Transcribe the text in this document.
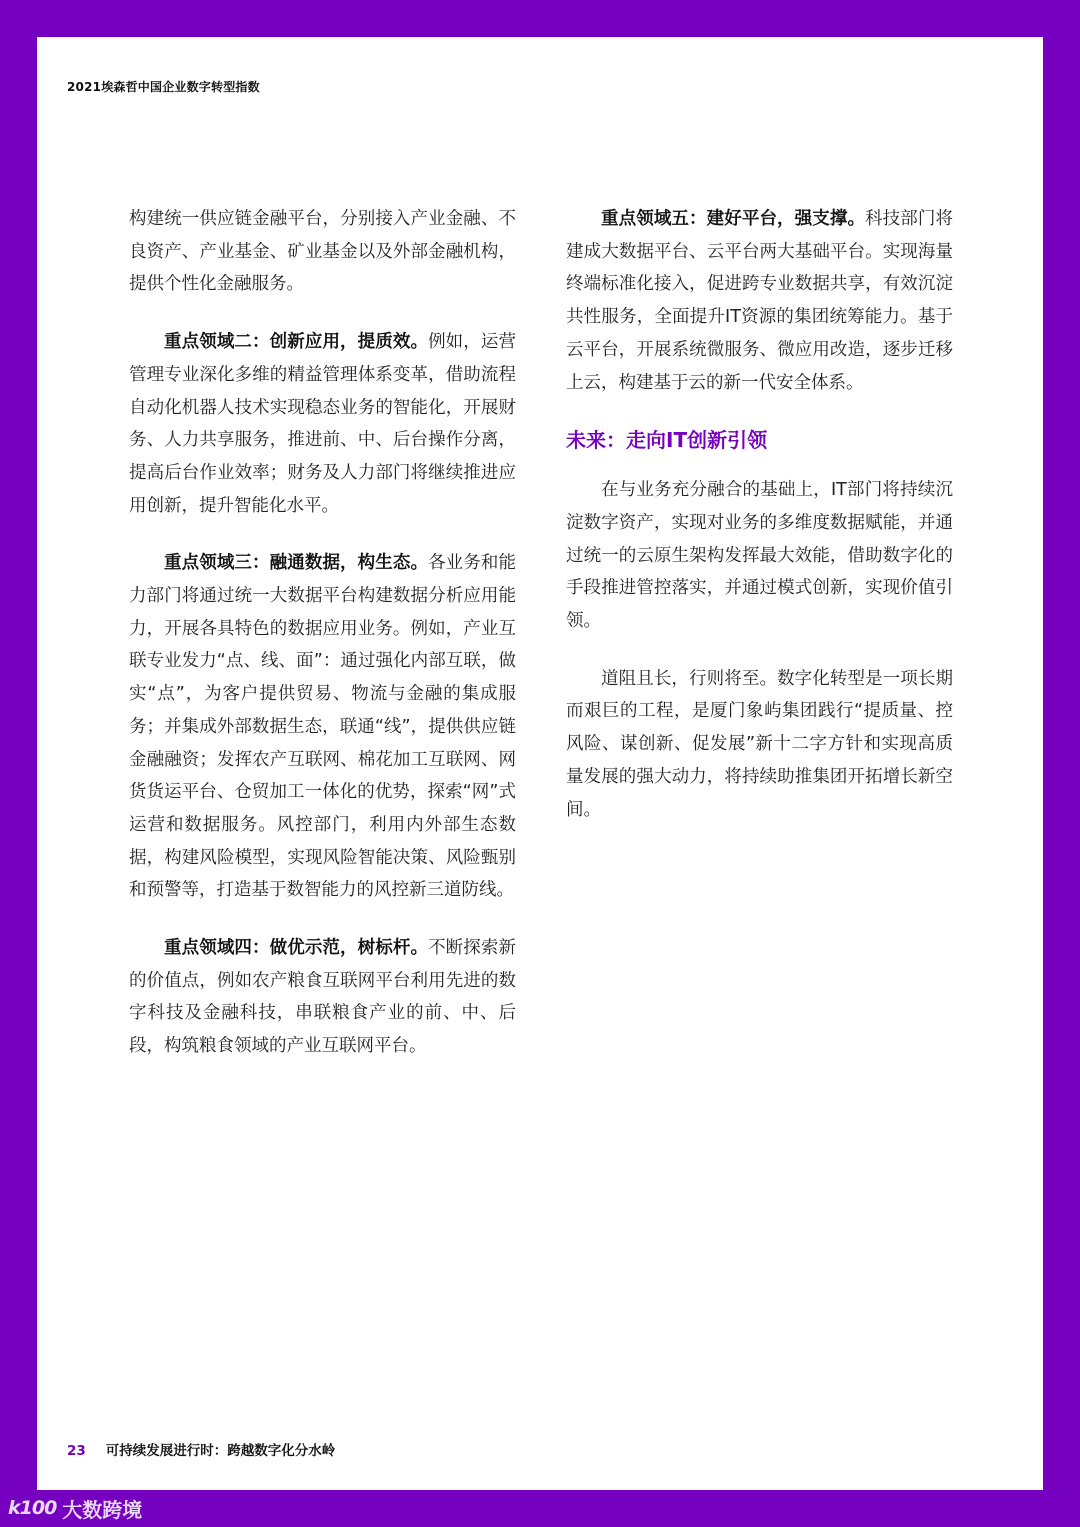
2021埃森哲中国企业数字转型指数

构建统一供应链金融平台，分别接入产业金融、不良资产、产业基金、矿业基金以及外部金融机构，提供个性化金融服务。

重点领域二：创新应用，提质效。例如，运营管理专业深化多维的精益管理体系变革，借助流程自动化机器人技术实现稳态业务的智能化，开展财务、人力共享服务，推进前、中、后台操作分离，提高后台作业效率；财务及人力部门将继续推进应用创新，提升智能化水平。

重点领域三：融通数据，构生态。各业务和能力部门将通过统一大数据平台构建数据分析应用能力，开展各具特色的数据应用业务。例如，产业互联专业发力“点、线、面”：通过强化内部互联，做实“点”，为客户提供贸易、物流与金融的集成服务；并集成外部数据生态，联通“线”，提供供应链金融融资；发挥农产互联网、棉花加工互联网、网货货运平台、仓贸加工一体化的优势，探索“网”式运营和数据服务。风控部门，利用内外部生态数据，构建风险模型，实现风险智能决策、风险甄别和预警等，打造基于数智能力的风控新三道防线。

重点领域四：做优示范，树标杆。不断探索新的价值点，例如农产粮食互联网平台利用先进的数字科技及金融科技，串联粮食产业的前、中、后段，构筑粮食领域的产业互联网平台。

重点领域五：建好平台，强支撑。科技部门将建成大数据平台、云平台两大基础平台。实现海量终端标准化接入，促进跨专业数据共享，有效沉淀共性服务，全面提升IT资源的集团统筹能力。基于云平台，开展系统微服务、微应用改造，逐步迁移上云，构建基于云的新一代安全体系。

未来：走向IT创新引领

在与业务充分融合的基础上，IT部门将持续沉淀数字资产，实现对业务的多维度数据赋能，并通过统一的云原生架构发挥最大效能，借助数字化的手段推进管控落实，并通过模式创新，实现价值引领。

道阻且长，行则将至。数字化转型是一项长期而艰巨的工程，是厦门象屿集团践行“提质量、控风险、谋创新、促发展”新十二字方针和实现高质量发展的强大动力，将持续助推集团开拓增长新空间。

23 可持续发展进行时：跨越数字化分水岭
k100 大数跨境
